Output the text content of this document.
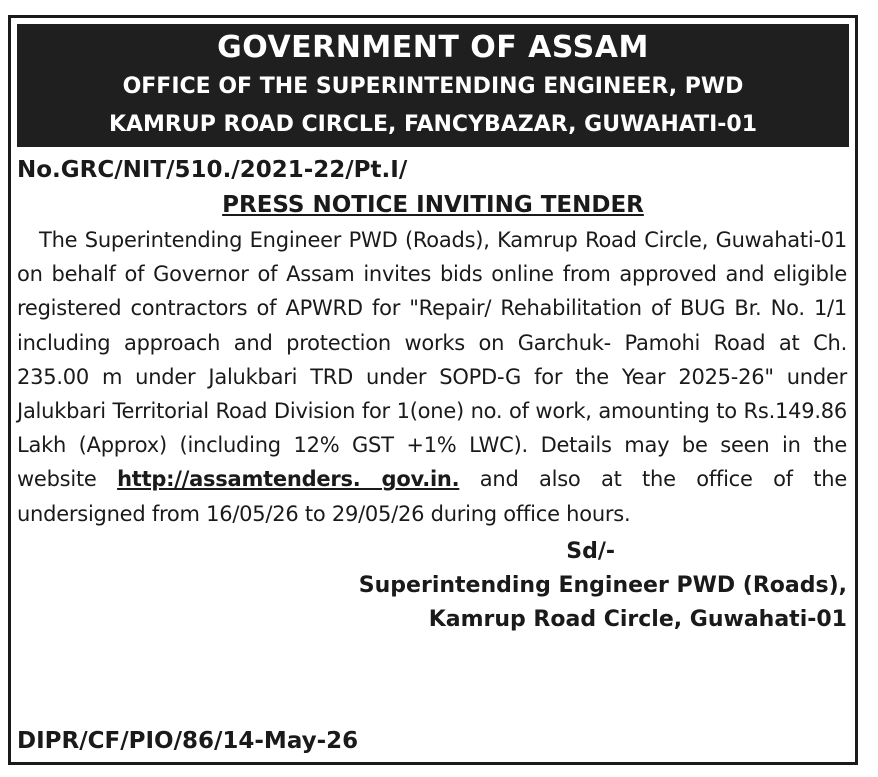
GOVERNMENT OF ASSAM
OFFICE OF THE SUPERINTENDING ENGINEER, PWD
KAMRUP ROAD CIRCLE, FANCYBAZAR, GUWAHATI-01
No.GRC/NIT/510./2021-22/Pt.I/
PRESS NOTICE INVITING TENDER
The Superintending Engineer PWD (Roads), Kamrup Road Circle, Guwahati-01 on behalf of Governor of Assam invites bids online from approved and eligible registered contractors of APWRD for "Repair/ Rehabilitation of BUG Br. No. 1/1 including approach and protection works on Garchuk- Pamohi Road at Ch. 235.00 m under Jalukbari TRD under SOPD-G for the Year 2025-26" under Jalukbari Territorial Road Division for 1(one) no. of work, amounting to Rs.149.86 Lakh (Approx) (including 12% GST +1% LWC). Details may be seen in the website http://assamtenders. gov.in. and also at the office of the undersigned from 16/05/26 to 29/05/26 during office hours.
Sd/-
Superintending Engineer PWD (Roads),
Kamrup Road Circle, Guwahati-01
DIPR/CF/PIO/86/14-May-26
